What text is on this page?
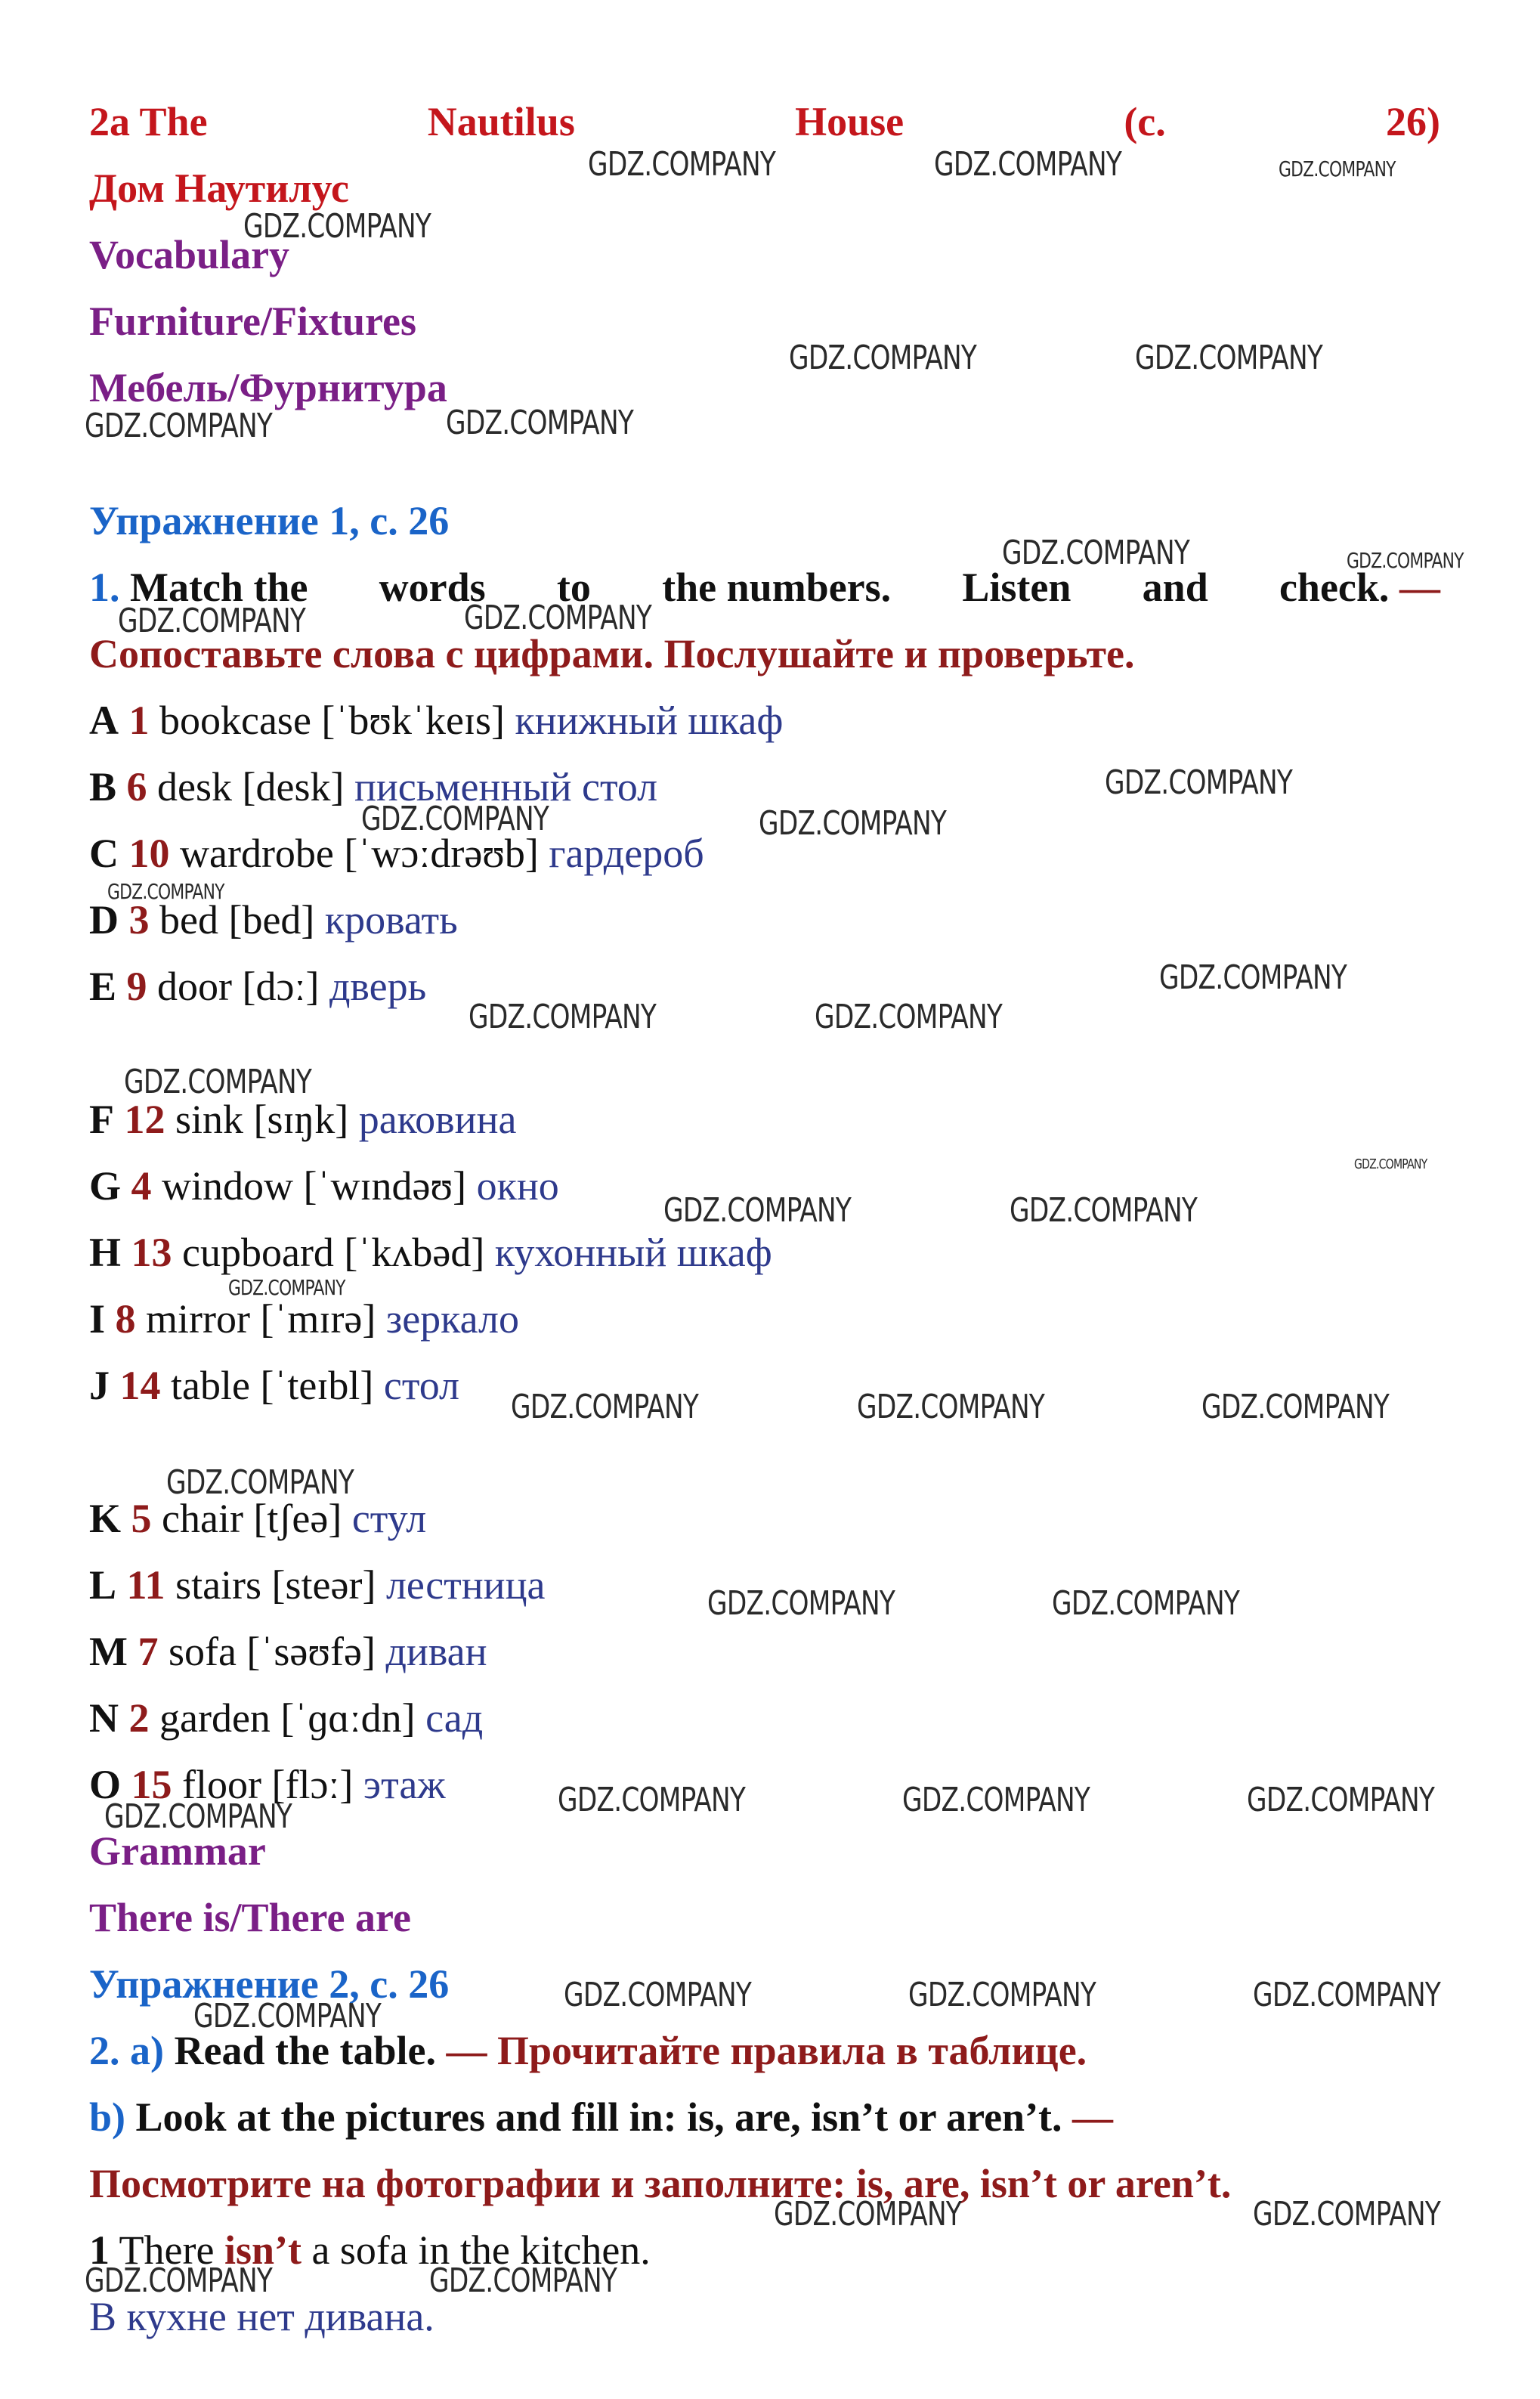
2a The	Nautilus	House	(с.	26)
Дом Наутилус
Vocabulary
Furniture/Fixtures
Мебель/Фурнитура
Упражнение 1, с. 26
1. Match the words to the numbers. Listen and check. —
Сопоставьте слова с цифрами. Послушайте и проверьте.
A 1 bookcase [ˈbʊkˈkeɪs] книжный шкаф
B 6 desk [desk] письменный стол
C 10 wardrobe [ˈwɔːdrəʊb] гардероб
D 3 bed [bed] кровать
E 9 door [dɔː] дверь
F 12 sink [sɪŋk] раковина
G 4 window [ˈwɪndəʊ] окно
H 13 cupboard [ˈkʌbəd] кухонный шкаф
I 8 mirror [ˈmɪrə] зеркало
J 14 table [ˈteɪbl] стол
K 5 chair [tʃeə] стул
L 11 stairs [steər] лестница
M 7 sofa [ˈsəʊfə] диван
N 2 garden [ˈɡɑːdn] сад
O 15 floor [flɔː] этаж
Grammar
There is/There are
Упражнение 2, с. 26
2. a) Read the table. — Прочитайте правила в таблице.
b) Look at the pictures and fill in: is, are, isn’t or aren’t. —
Посмотрите на фотографии и заполните: is, are, isn’t or aren’t.
1 There isn’t a sofa in the kitchen.
В кухне нет дивана.
GDZ.COMPANY	GDZ.COMPANY	GDZ.COMPANY
GDZ.COMPANY
GDZ.COMPANY	GDZ.COMPANY
GDZ.COMPANY	GDZ.COMPANY
GDZ.COMPANY	GDZ.COMPANY
GDZ.COMPANY	GDZ.COMPANY
GDZ.COMPANY
GDZ.COMPANY	GDZ.COMPANY
GDZ.COMPANY
GDZ.COMPANY
GDZ.COMPANY	GDZ.COMPANY
GDZ.COMPANY
GDZ.COMPANY
GDZ.COMPANY	GDZ.COMPANY
GDZ.COMPANY
GDZ.COMPANY	GDZ.COMPANY	GDZ.COMPANY
GDZ.COMPANY
GDZ.COMPANY	GDZ.COMPANY
GDZ.COMPANY	GDZ.COMPANY	GDZ.COMPANY
GDZ.COMPANY
GDZ.COMPANY	GDZ.COMPANY	GDZ.COMPANY
GDZ.COMPANY
GDZ.COMPANY	GDZ.COMPANY
GDZ.COMPANY	GDZ.COMPANY
